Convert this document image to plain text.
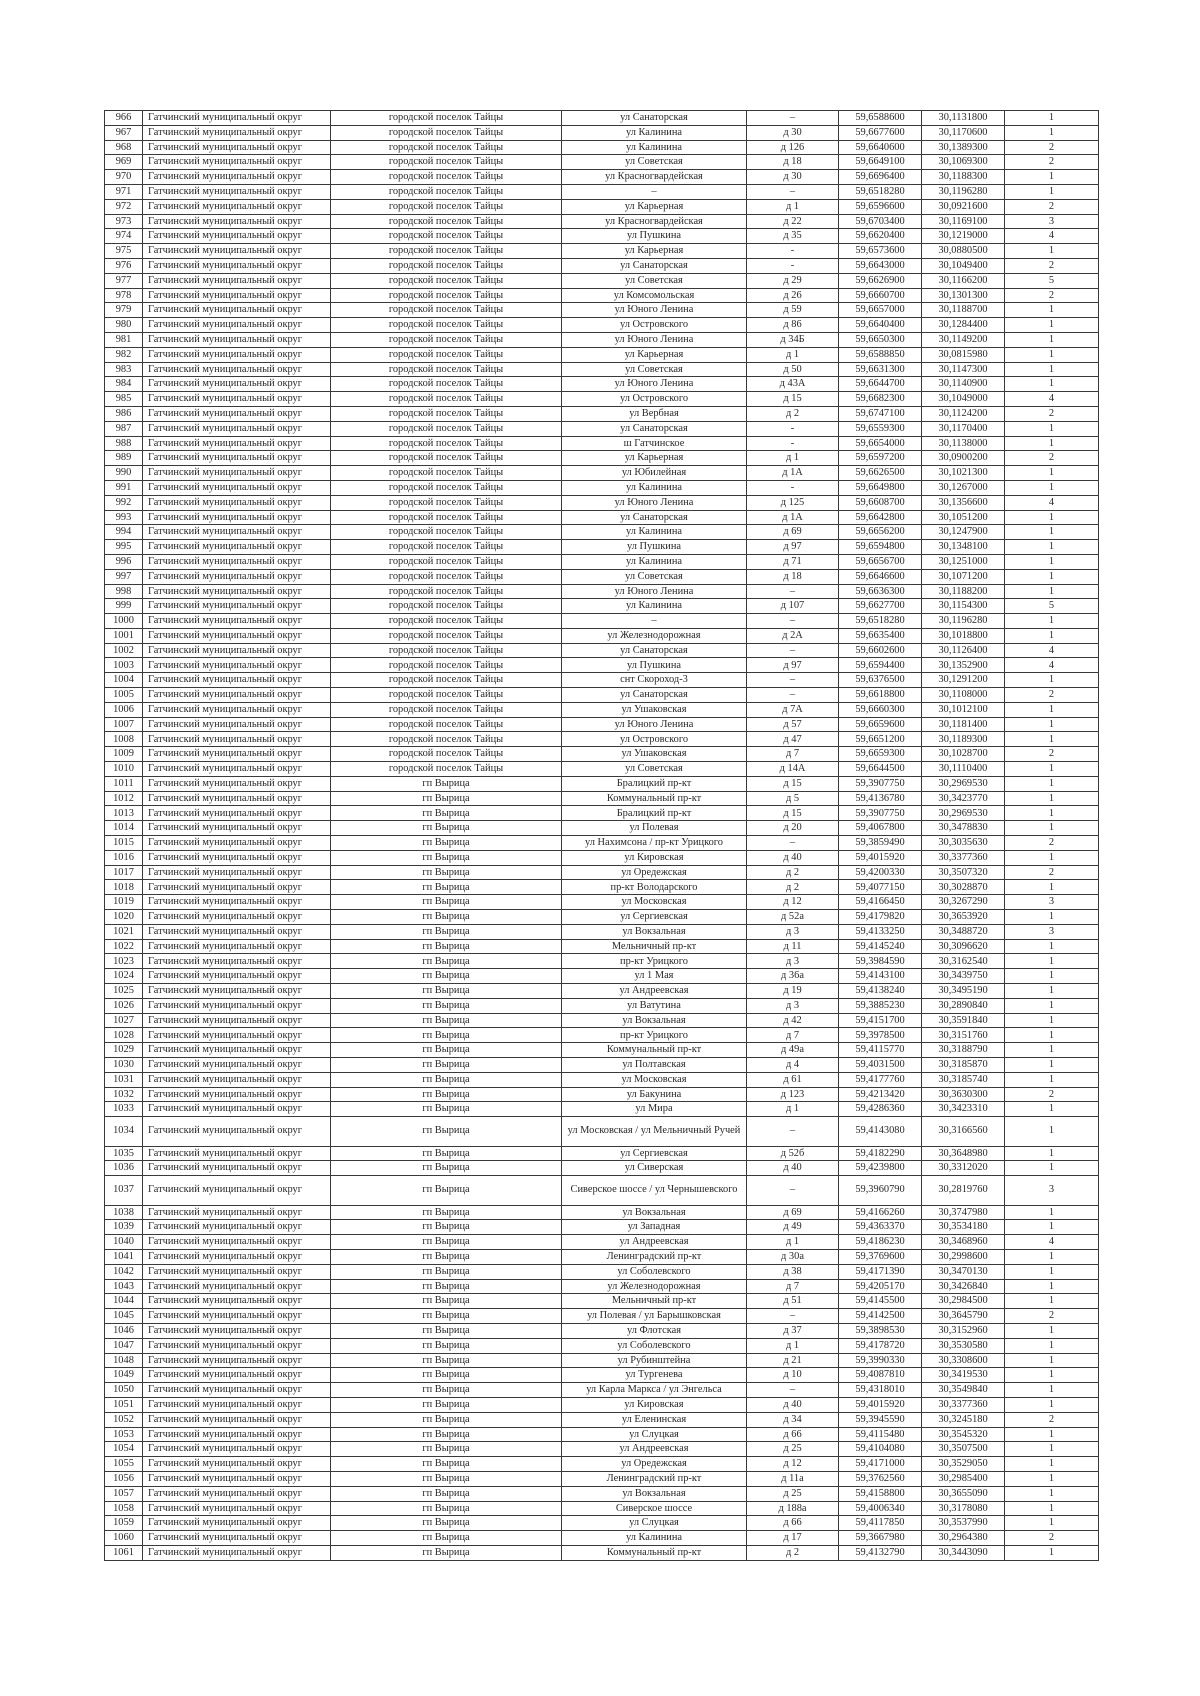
966	Гатчинский муниципальный округ	городской поселок Тайцы	ул Санаторская	–	59,6588600	30,1131800	1
967	Гатчинский муниципальный округ	городской поселок Тайцы	ул Калинина	д 30	59,6677600	30,1170600	1
968	Гатчинский муниципальный округ	городской поселок Тайцы	ул Калинина	д 126	59,6640600	30,1389300	2
969	Гатчинский муниципальный округ	городской поселок Тайцы	ул Советская	д 18	59,6649100	30,1069300	2
970	Гатчинский муниципальный округ	городской поселок Тайцы	ул Красногвардейская	д 30	59,6696400	30,1188300	1
971	Гатчинский муниципальный округ	городской поселок Тайцы	–	–	59,6518280	30,1196280	1
972	Гатчинский муниципальный округ	городской поселок Тайцы	ул Карьерная	д 1	59,6596600	30,0921600	2
973	Гатчинский муниципальный округ	городской поселок Тайцы	ул Красногвардейская	д 22	59,6703400	30,1169100	3
974	Гатчинский муниципальный округ	городской поселок Тайцы	ул Пушкина	д 35	59,6620400	30,1219000	4
975	Гатчинский муниципальный округ	городской поселок Тайцы	ул Карьерная	-	59,6573600	30,0880500	1
976	Гатчинский муниципальный округ	городской поселок Тайцы	ул Санаторская	-	59,6643000	30,1049400	2
977	Гатчинский муниципальный округ	городской поселок Тайцы	ул Советская	д 29	59,6626900	30,1166200	5
978	Гатчинский муниципальный округ	городской поселок Тайцы	ул Комсомольская	д 26	59,6660700	30,1301300	2
979	Гатчинский муниципальный округ	городской поселок Тайцы	ул Юного Ленина	д 59	59,6657000	30,1188700	1
980	Гатчинский муниципальный округ	городской поселок Тайцы	ул Островского	д 86	59,6640400	30,1284400	1
981	Гатчинский муниципальный округ	городской поселок Тайцы	ул Юного Ленина	д 34Б	59,6650300	30,1149200	1
982	Гатчинский муниципальный округ	городской поселок Тайцы	ул Карьерная	д 1	59,6588850	30,0815980	1
983	Гатчинский муниципальный округ	городской поселок Тайцы	ул Советская	д 50	59,6631300	30,1147300	1
984	Гатчинский муниципальный округ	городской поселок Тайцы	ул Юного Ленина	д 43А	59,6644700	30,1140900	1
985	Гатчинский муниципальный округ	городской поселок Тайцы	ул Островского	д 15	59,6682300	30,1049000	4
986	Гатчинский муниципальный округ	городской поселок Тайцы	ул Вербная	д 2	59,6747100	30,1124200	2
987	Гатчинский муниципальный округ	городской поселок Тайцы	ул Санаторская	-	59,6559300	30,1170400	1
988	Гатчинский муниципальный округ	городской поселок Тайцы	ш Гатчинское	-	59,6654000	30,1138000	1
989	Гатчинский муниципальный округ	городской поселок Тайцы	ул Карьерная	д 1	59,6597200	30,0900200	2
990	Гатчинский муниципальный округ	городской поселок Тайцы	ул Юбилейная	д 1А	59,6626500	30,1021300	1
991	Гатчинский муниципальный округ	городской поселок Тайцы	ул Калинина	-	59,6649800	30,1267000	1
992	Гатчинский муниципальный округ	городской поселок Тайцы	ул Юного Ленина	д 125	59,6608700	30,1356600	4
993	Гатчинский муниципальный округ	городской поселок Тайцы	ул Санаторская	д 1А	59,6642800	30,1051200	1
994	Гатчинский муниципальный округ	городской поселок Тайцы	ул Калинина	д 69	59,6656200	30,1247900	1
995	Гатчинский муниципальный округ	городской поселок Тайцы	ул Пушкина	д 97	59,6594800	30,1348100	1
996	Гатчинский муниципальный округ	городской поселок Тайцы	ул Калинина	д 71	59,6656700	30,1251000	1
997	Гатчинский муниципальный округ	городской поселок Тайцы	ул Советская	д 18	59,6646600	30,1071200	1
998	Гатчинский муниципальный округ	городской поселок Тайцы	ул Юного Ленина	–	59,6636300	30,1188200	1
999	Гатчинский муниципальный округ	городской поселок Тайцы	ул Калинина	д 107	59,6627700	30,1154300	5
1000	Гатчинский муниципальный округ	городской поселок Тайцы	–	–	59,6518280	30,1196280	1
1001	Гатчинский муниципальный округ	городской поселок Тайцы	ул Железнодорожная	д 2А	59,6635400	30,1018800	1
1002	Гатчинский муниципальный округ	городской поселок Тайцы	ул Санаторская	–	59,6602600	30,1126400	4
1003	Гатчинский муниципальный округ	городской поселок Тайцы	ул Пушкина	д 97	59,6594400	30,1352900	4
1004	Гатчинский муниципальный округ	городской поселок Тайцы	снт Скороход-3	–	59,6376500	30,1291200	1
1005	Гатчинский муниципальный округ	городской поселок Тайцы	ул Санаторская	–	59,6618800	30,1108000	2
1006	Гатчинский муниципальный округ	городской поселок Тайцы	ул Ушаковская	д 7А	59,6660300	30,1012100	1
1007	Гатчинский муниципальный округ	городской поселок Тайцы	ул Юного Ленина	д 57	59,6659600	30,1181400	1
1008	Гатчинский муниципальный округ	городской поселок Тайцы	ул Островского	д 47	59,6651200	30,1189300	1
1009	Гатчинский муниципальный округ	городской поселок Тайцы	ул Ушаковская	д 7	59,6659300	30,1028700	2
1010	Гатчинский муниципальный округ	городской поселок Тайцы	ул Советская	д 14А	59,6644500	30,1110400	1
1011	Гатчинский муниципальный округ	гп Вырица	Бралицкий пр-кт	д 15	59,3907750	30,2969530	1
1012	Гатчинский муниципальный округ	гп Вырица	Коммунальный пр-кт	д 5	59,4136780	30,3423770	1
1013	Гатчинский муниципальный округ	гп Вырица	Бралицкий пр-кт	д 15	59,3907750	30,2969530	1
1014	Гатчинский муниципальный округ	гп Вырица	ул Полевая	д 20	59,4067800	30,3478830	1
1015	Гатчинский муниципальный округ	гп Вырица	ул Нахимсона / пр-кт Урицкого	–	59,3859490	30,3035630	2
1016	Гатчинский муниципальный округ	гп Вырица	ул Кировская	д 40	59,4015920	30,3377360	1
1017	Гатчинский муниципальный округ	гп Вырица	ул Оредежская	д 2	59,4200330	30,3507320	2
1018	Гатчинский муниципальный округ	гп Вырица	пр-кт Володарского	д 2	59,4077150	30,3028870	1
1019	Гатчинский муниципальный округ	гп Вырица	ул Московская	д 12	59,4166450	30,3267290	3
1020	Гатчинский муниципальный округ	гп Вырица	ул Сергиевская	д 52а	59,4179820	30,3653920	1
1021	Гатчинский муниципальный округ	гп Вырица	ул Вокзальная	д 3	59,4133250	30,3488720	3
1022	Гатчинский муниципальный округ	гп Вырица	Мельничный пр-кт	д 11	59,4145240	30,3096620	1
1023	Гатчинский муниципальный округ	гп Вырица	пр-кт Урицкого	д 3	59,3984590	30,3162540	1
1024	Гатчинский муниципальный округ	гп Вырица	ул 1 Мая	д 36а	59,4143100	30,3439750	1
1025	Гатчинский муниципальный округ	гп Вырица	ул Андреевская	д 19	59,4138240	30,3495190	1
1026	Гатчинский муниципальный округ	гп Вырица	ул Ватутина	д 3	59,3885230	30,2890840	1
1027	Гатчинский муниципальный округ	гп Вырица	ул Вокзальная	д 42	59,4151700	30,3591840	1
1028	Гатчинский муниципальный округ	гп Вырица	пр-кт Урицкого	д 7	59,3978500	30,3151760	1
1029	Гатчинский муниципальный округ	гп Вырица	Коммунальный пр-кт	д 49а	59,4115770	30,3188790	1
1030	Гатчинский муниципальный округ	гп Вырица	ул Полтавская	д 4	59,4031500	30,3185870	1
1031	Гатчинский муниципальный округ	гп Вырица	ул Московская	д 61	59,4177760	30,3185740	1
1032	Гатчинский муниципальный округ	гп Вырица	ул Бакунина	д 123	59,4213420	30,3630300	2
1033	Гатчинский муниципальный округ	гп Вырица	ул Мира	д 1	59,4286360	30,3423310	1
1034	Гатчинский муниципальный округ	гп Вырица	ул Московская / ул Мельничный Ручей	–	59,4143080	30,3166560	1
1035	Гатчинский муниципальный округ	гп Вырица	ул Сергиевская	д 52б	59,4182290	30,3648980	1
1036	Гатчинский муниципальный округ	гп Вырица	ул Сиверская	д 40	59,4239800	30,3312020	1
1037	Гатчинский муниципальный округ	гп Вырица	Сиверское шоссе / ул Чернышевского	–	59,3960790	30,2819760	3
1038	Гатчинский муниципальный округ	гп Вырица	ул Вокзальная	д 69	59,4166260	30,3747980	1
1039	Гатчинский муниципальный округ	гп Вырица	ул Западная	д 49	59,4363370	30,3534180	1
1040	Гатчинский муниципальный округ	гп Вырица	ул Андреевская	д 1	59,4186230	30,3468960	4
1041	Гатчинский муниципальный округ	гп Вырица	Ленинградский пр-кт	д 30а	59,3769600	30,2998600	1
1042	Гатчинский муниципальный округ	гп Вырица	ул Соболевского	д 38	59,4171390	30,3470130	1
1043	Гатчинский муниципальный округ	гп Вырица	ул Железнодорожная	д 7	59,4205170	30,3426840	1
1044	Гатчинский муниципальный округ	гп Вырица	Мельничный пр-кт	д 51	59,4145500	30,2984500	1
1045	Гатчинский муниципальный округ	гп Вырица	ул Полевая / ул Барышковская	–	59,4142500	30,3645790	2
1046	Гатчинский муниципальный округ	гп Вырица	ул Флотская	д 37	59,3898530	30,3152960	1
1047	Гатчинский муниципальный округ	гп Вырица	ул Соболевского	д 1	59,4178720	30,3530580	1
1048	Гатчинский муниципальный округ	гп Вырица	ул Рубинштейна	д 21	59,3990330	30,3308600	1
1049	Гатчинский муниципальный округ	гп Вырица	ул Тургенева	д 10	59,4087810	30,3419530	1
1050	Гатчинский муниципальный округ	гп Вырица	ул Карла Маркса / ул Энгельса	–	59,4318010	30,3549840	1
1051	Гатчинский муниципальный округ	гп Вырица	ул Кировская	д 40	59,4015920	30,3377360	1
1052	Гатчинский муниципальный округ	гп Вырица	ул Еленинская	д 34	59,3945590	30,3245180	2
1053	Гатчинский муниципальный округ	гп Вырица	ул Слуцкая	д 66	59,4115480	30,3545320	1
1054	Гатчинский муниципальный округ	гп Вырица	ул Андреевская	д 25	59,4104080	30,3507500	1
1055	Гатчинский муниципальный округ	гп Вырица	ул Оредежская	д 12	59,4171000	30,3529050	1
1056	Гатчинский муниципальный округ	гп Вырица	Ленинградский пр-кт	д 11а	59,3762560	30,2985400	1
1057	Гатчинский муниципальный округ	гп Вырица	ул Вокзальная	д 25	59,4158800	30,3655090	1
1058	Гатчинский муниципальный округ	гп Вырица	Сиверское шоссе	д 188а	59,4006340	30,3178080	1
1059	Гатчинский муниципальный округ	гп Вырица	ул Слуцкая	д 66	59,4117850	30,3537990	1
1060	Гатчинский муниципальный округ	гп Вырица	ул Калинина	д 17	59,3667980	30,2964380	2
1061	Гатчинский муниципальный округ	гп Вырица	Коммунальный пр-кт	д 2	59,4132790	30,3443090	1
